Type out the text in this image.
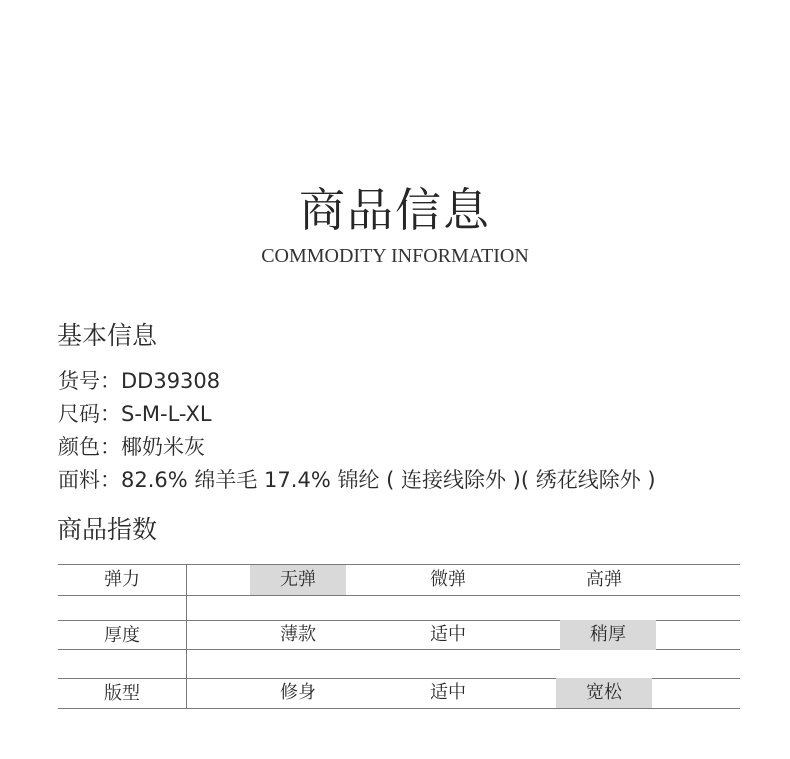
商品信息
COMMODITY INFORMATION
基本信息
货号：DD39308
尺码：S-M-L-XL
颜色：椰奶米灰
面料：82.6% 绵羊毛 17.4% 锦纶 ( 连接线除外 )( 绣花线除外 )
商品指数
弹力	无弹	微弹	高弹
厚度	薄款	适中	稍厚
版型	修身	适中	宽松
